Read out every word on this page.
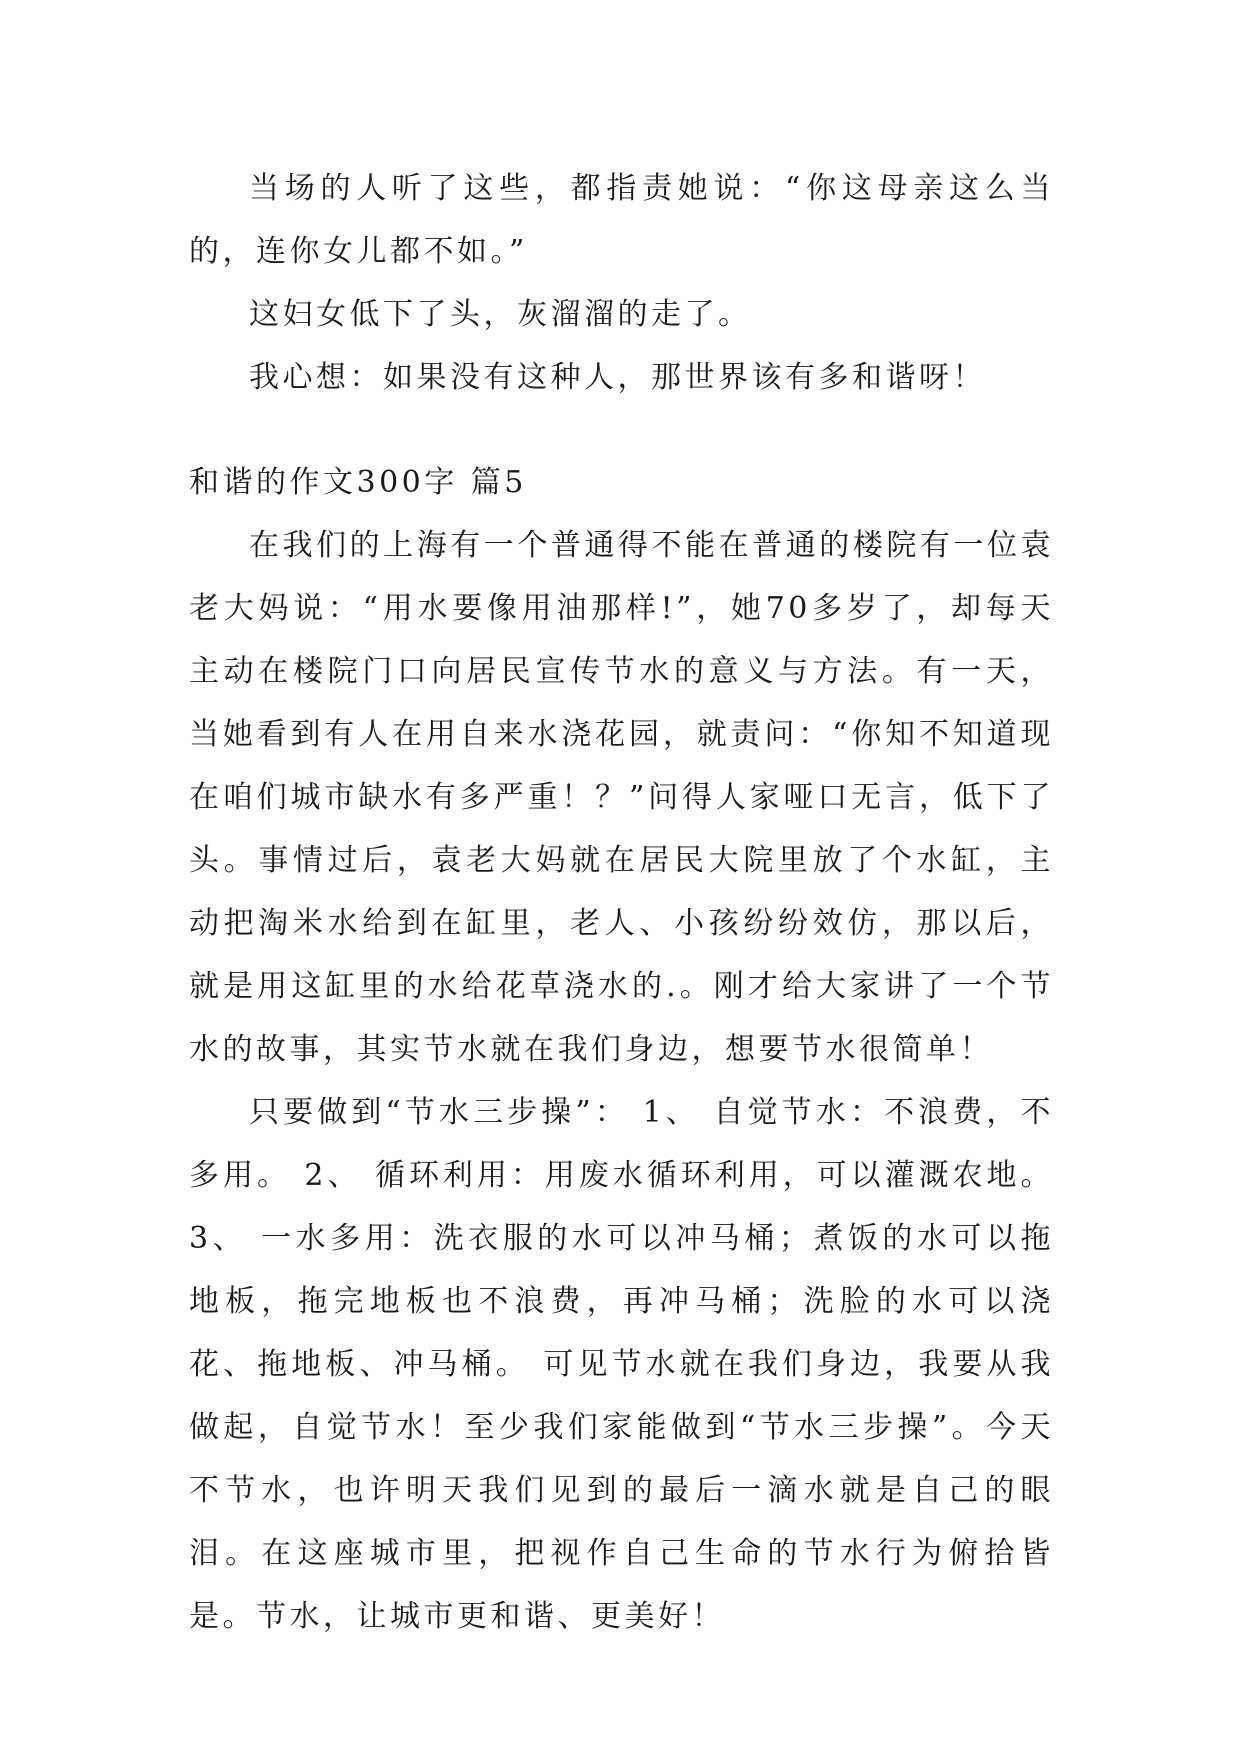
当场的人听了这些，都指责她说：“你这母亲这么当的，连你女儿都不如。”

这妇女低下了头，灰溜溜的走了。

我心想：如果没有这种人，那世界该有多和谐呀！

和谐的作文300字 篇5

在我们的上海有一个普通得不能在普通的楼院有一位袁老大妈说：“用水要像用油那样!”，她70多岁了，却每天主动在楼院门口向居民宣传节水的意义与方法。有一天，当她看到有人在用自来水浇花园，就责问：“你知不知道现在咱们城市缺水有多严重！？”问得人家哑口无言，低下了头。事情过后，袁老大妈就在居民大院里放了个水缸，主动把淘米水给到在缸里，老人、小孩纷纷效仿，那以后，就是用这缸里的水给花草浇水的.。刚才给大家讲了一个节水的故事，其实节水就在我们身边，想要节水很简单！

只要做到“节水三步操”： 1、 自觉节水：不浪费，不多用。 2、 循环利用：用废水循环利用，可以灌溉农地。 3、 一水多用：洗衣服的水可以冲马桶；煮饭的水可以拖地板，拖完地板也不浪费，再冲马桶；洗脸的水可以浇花、拖地板、冲马桶。 可见节水就在我们身边，我要从我做起，自觉节水！至少我们家能做到“节水三步操”。今天不节水，也许明天我们见到的最后一滴水就是自己的眼泪。在这座城市里，把视作自己生命的节水行为俯拾皆是。节水，让城市更和谐、更美好！
